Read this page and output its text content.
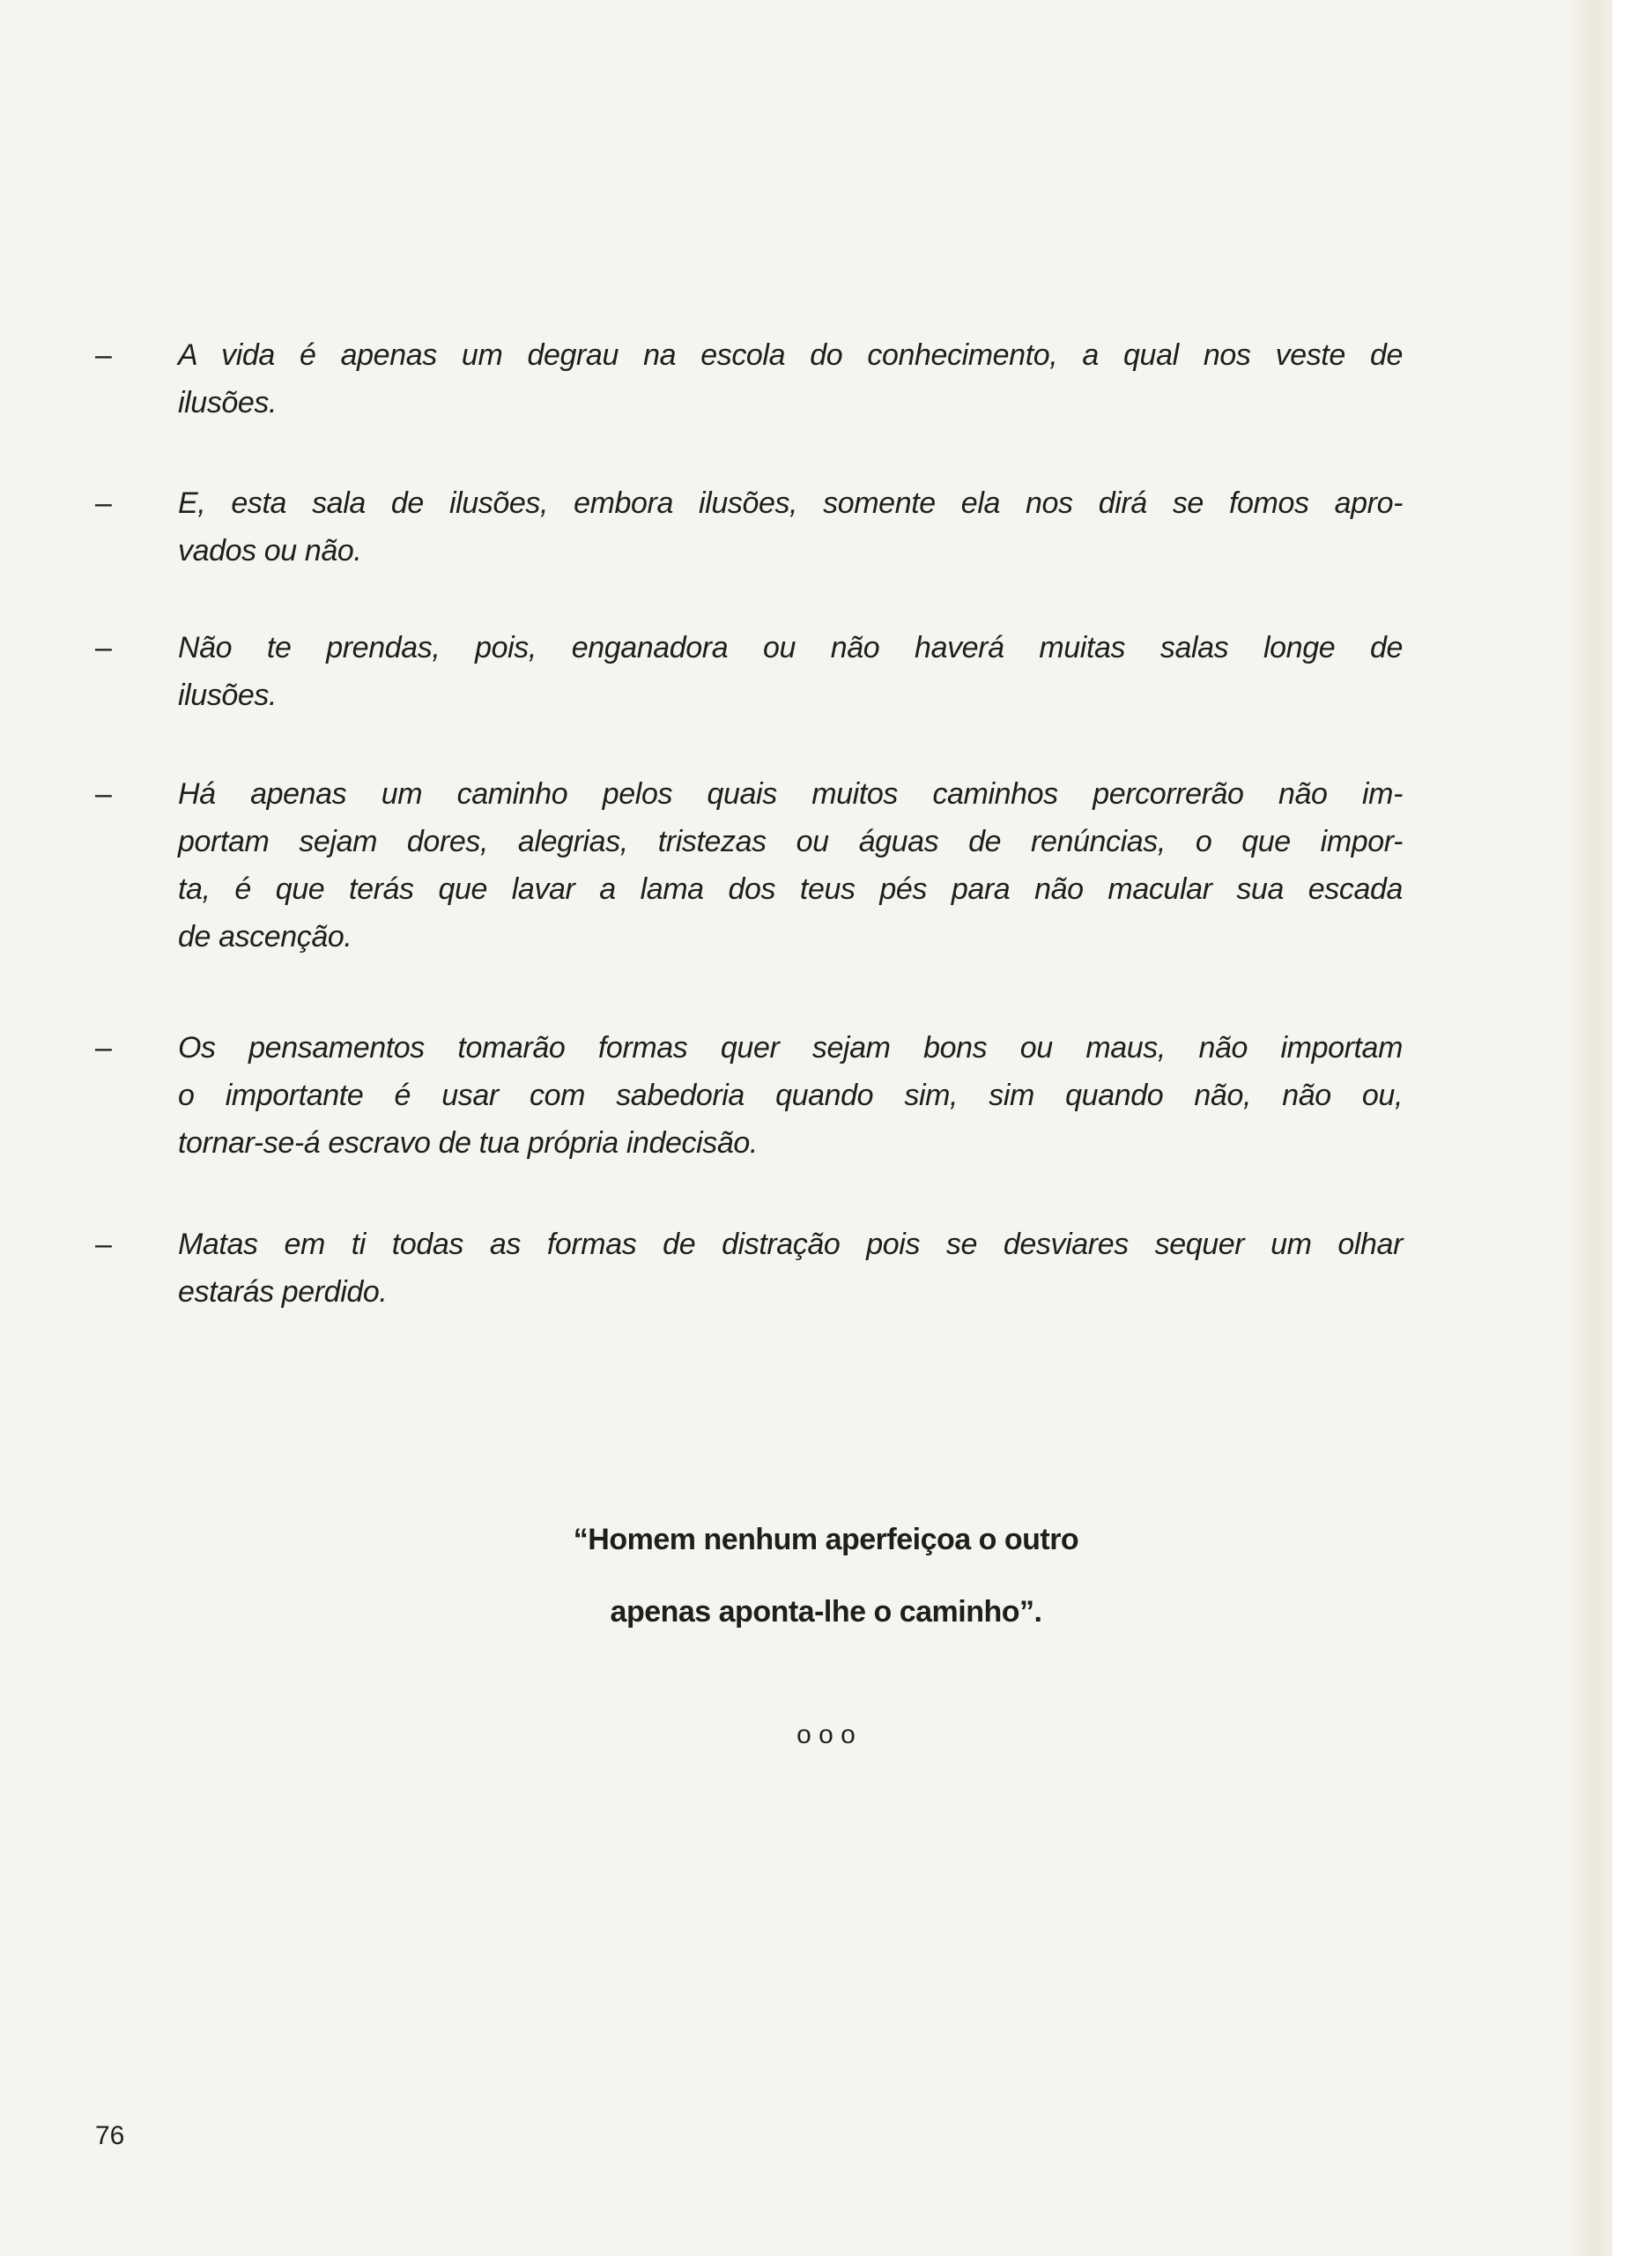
– A vida é apenas um degrau na escola do conhecimento, a qual nos veste de
ilusões.
– E, esta sala de ilusões, embora ilusões, somente ela nos dirá se fomos apro-
vados ou não.
– Não te prendas, pois, enganadora ou não haverá muitas salas longe de
ilusões.
– Há apenas um caminho pelos quais muitos caminhos percorrerão não im-
portam sejam dores, alegrias, tristezas ou águas de renúncias, o que impor-
ta, é que terás que lavar a lama dos teus pés para não macular sua escada
de ascenção.
– Os pensamentos tomarão formas quer sejam bons ou maus, não importam
o importante é usar com sabedoria quando sim, sim quando não, não ou,
tornar-se-á escravo de tua própria indecisão.
– Matas em ti todas as formas de distração pois se desviares sequer um olhar
estarás perdido.
“Homem nenhum aperfeiçoa o outro
apenas aponta-lhe o caminho”.
o o o
76
